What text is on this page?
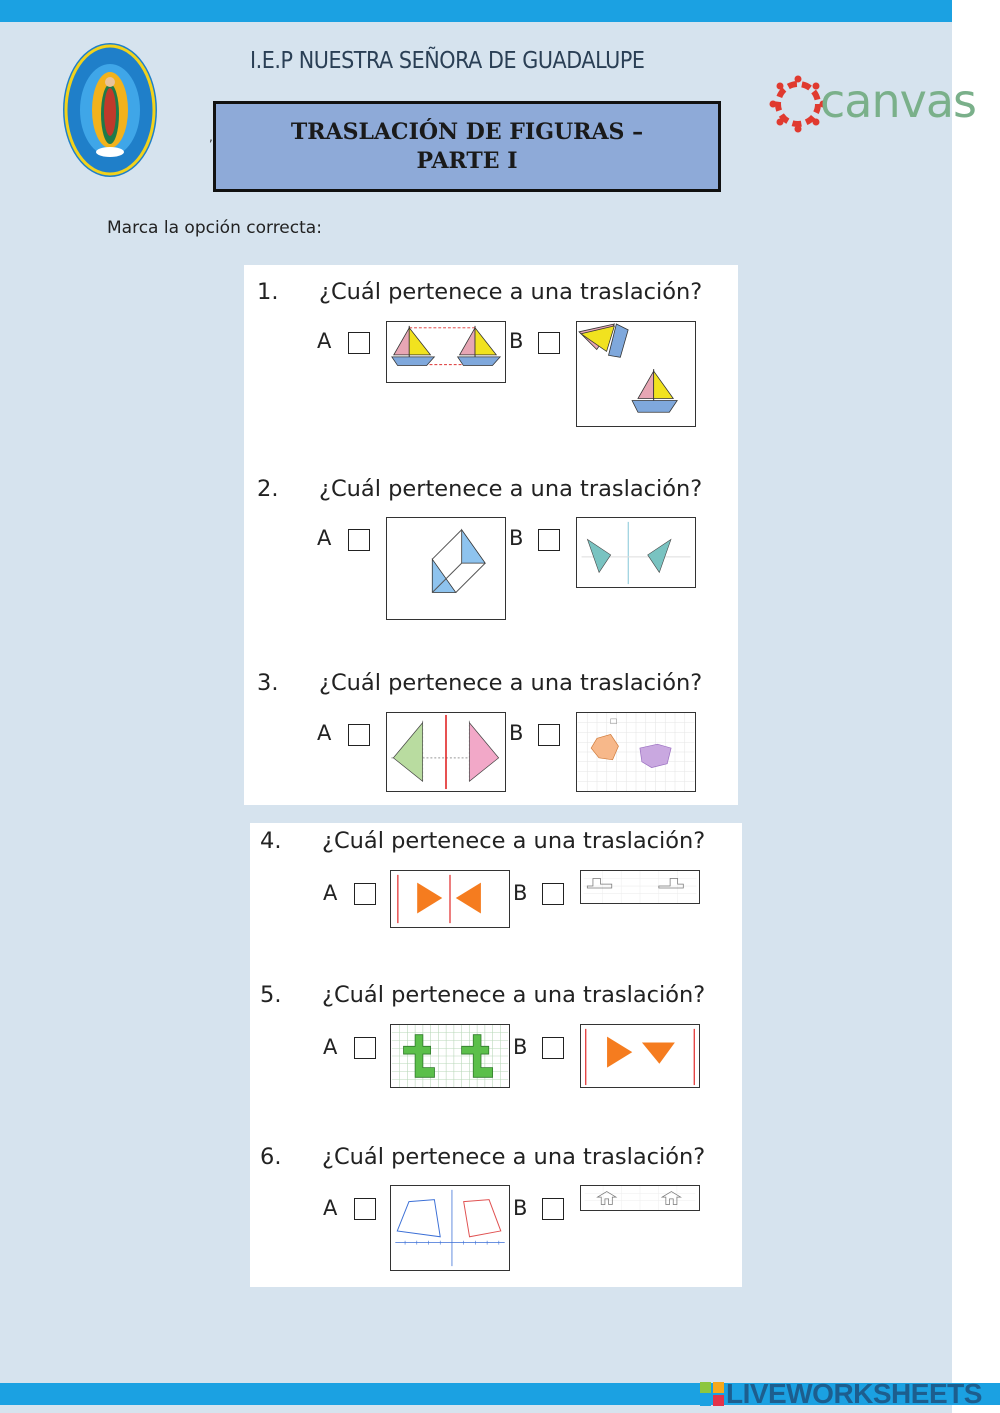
I.E.P NUESTRA SEÑORA DE GUADALUPE
,	TRASLACIÓN DE FIGURAS –
PARTE I
canvas
Marca la opción correcta:
1. ¿Cuál pertenece a una traslación?
A	B
2. ¿Cuál pertenece a una traslación?
A	B
3. ¿Cuál pertenece a una traslación?
A	B
4. ¿Cuál pertenece a una traslación?
A	B
5. ¿Cuál pertenece a una traslación?
A	B
6. ¿Cuál pertenece a una traslación?
A	B
LIVEWORKSHEETS
